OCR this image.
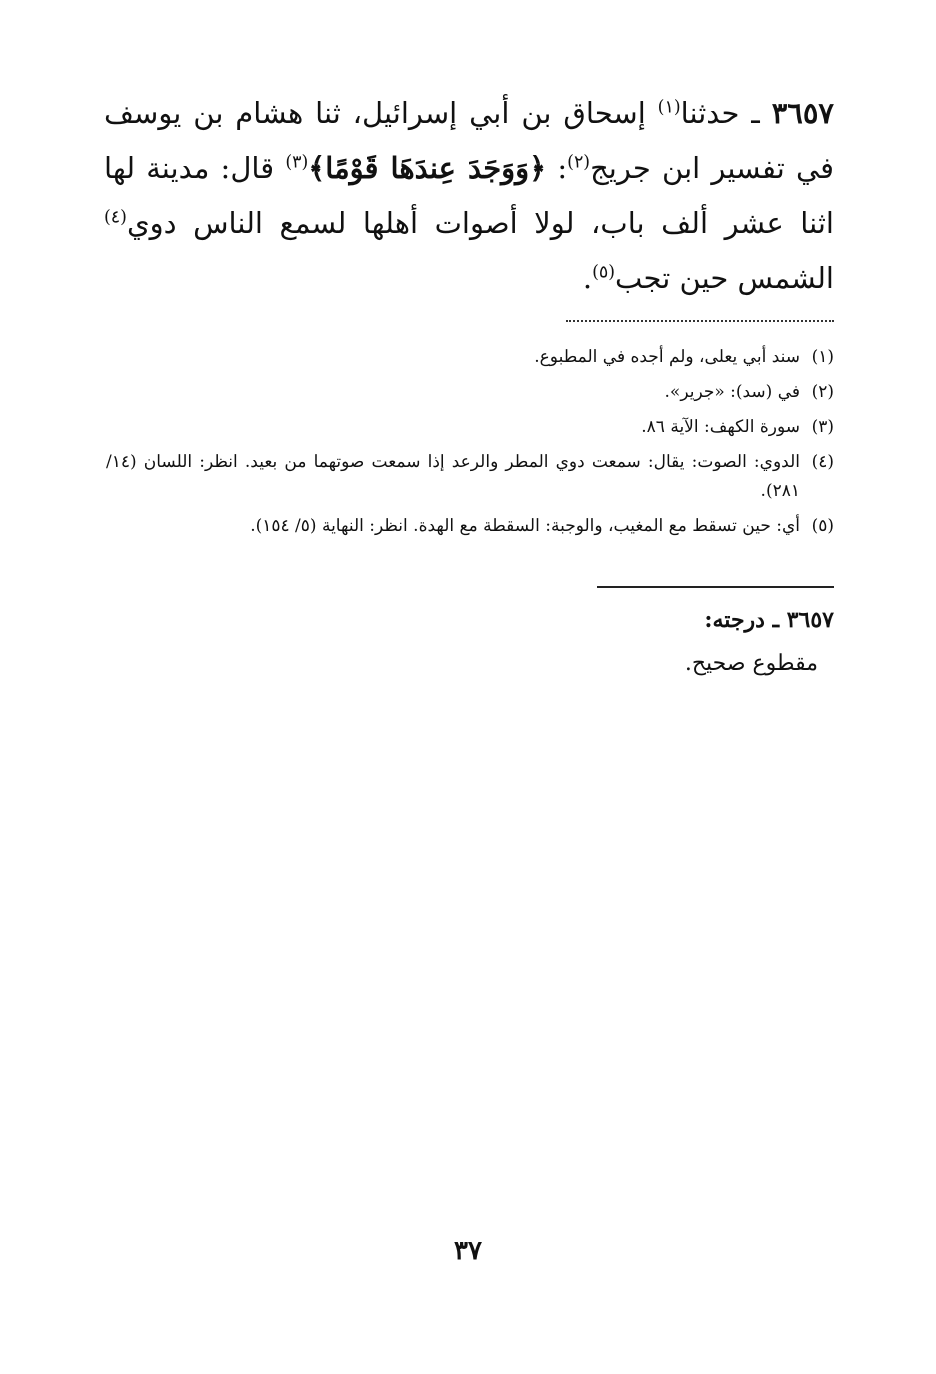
٣٦٥٧ ـ حدثنا$^{(١)}$ إسحاق بن أبي إسرائيل، ثنا هشام بن يوسف في تفسير ابن جريج$^{(٢)}$: ﴿وَوَجَدَ عِندَهَا قَوْمًا﴾$^{(٣)}$ قال: مدينة لها اثنا عشر ألف باب، لولا أصوات أهلها لسمع الناس دوي$^{(٤)}$ الشمس حين تجب$^{(٥)}$.
(١)
سند أبي يعلى، ولم أجده في المطبوع.
(٢)
في (سد): «جرير».
(٣)
سورة الكهف: الآية ٨٦.
(٤)
الدوي: الصوت: يقال: سمعت دوي المطر والرعد إذا سمعت صوتهما من بعيد. انظر: اللسان (١٤/ ٢٨١).
(٥)
أي: حين تسقط مع المغيب، والوجبة: السقطة مع الهدة. انظر: النهاية (٥/ ١٥٤).
٣٦٥٧ ـ درجته:
مقطوع صحيح.
٣٧
